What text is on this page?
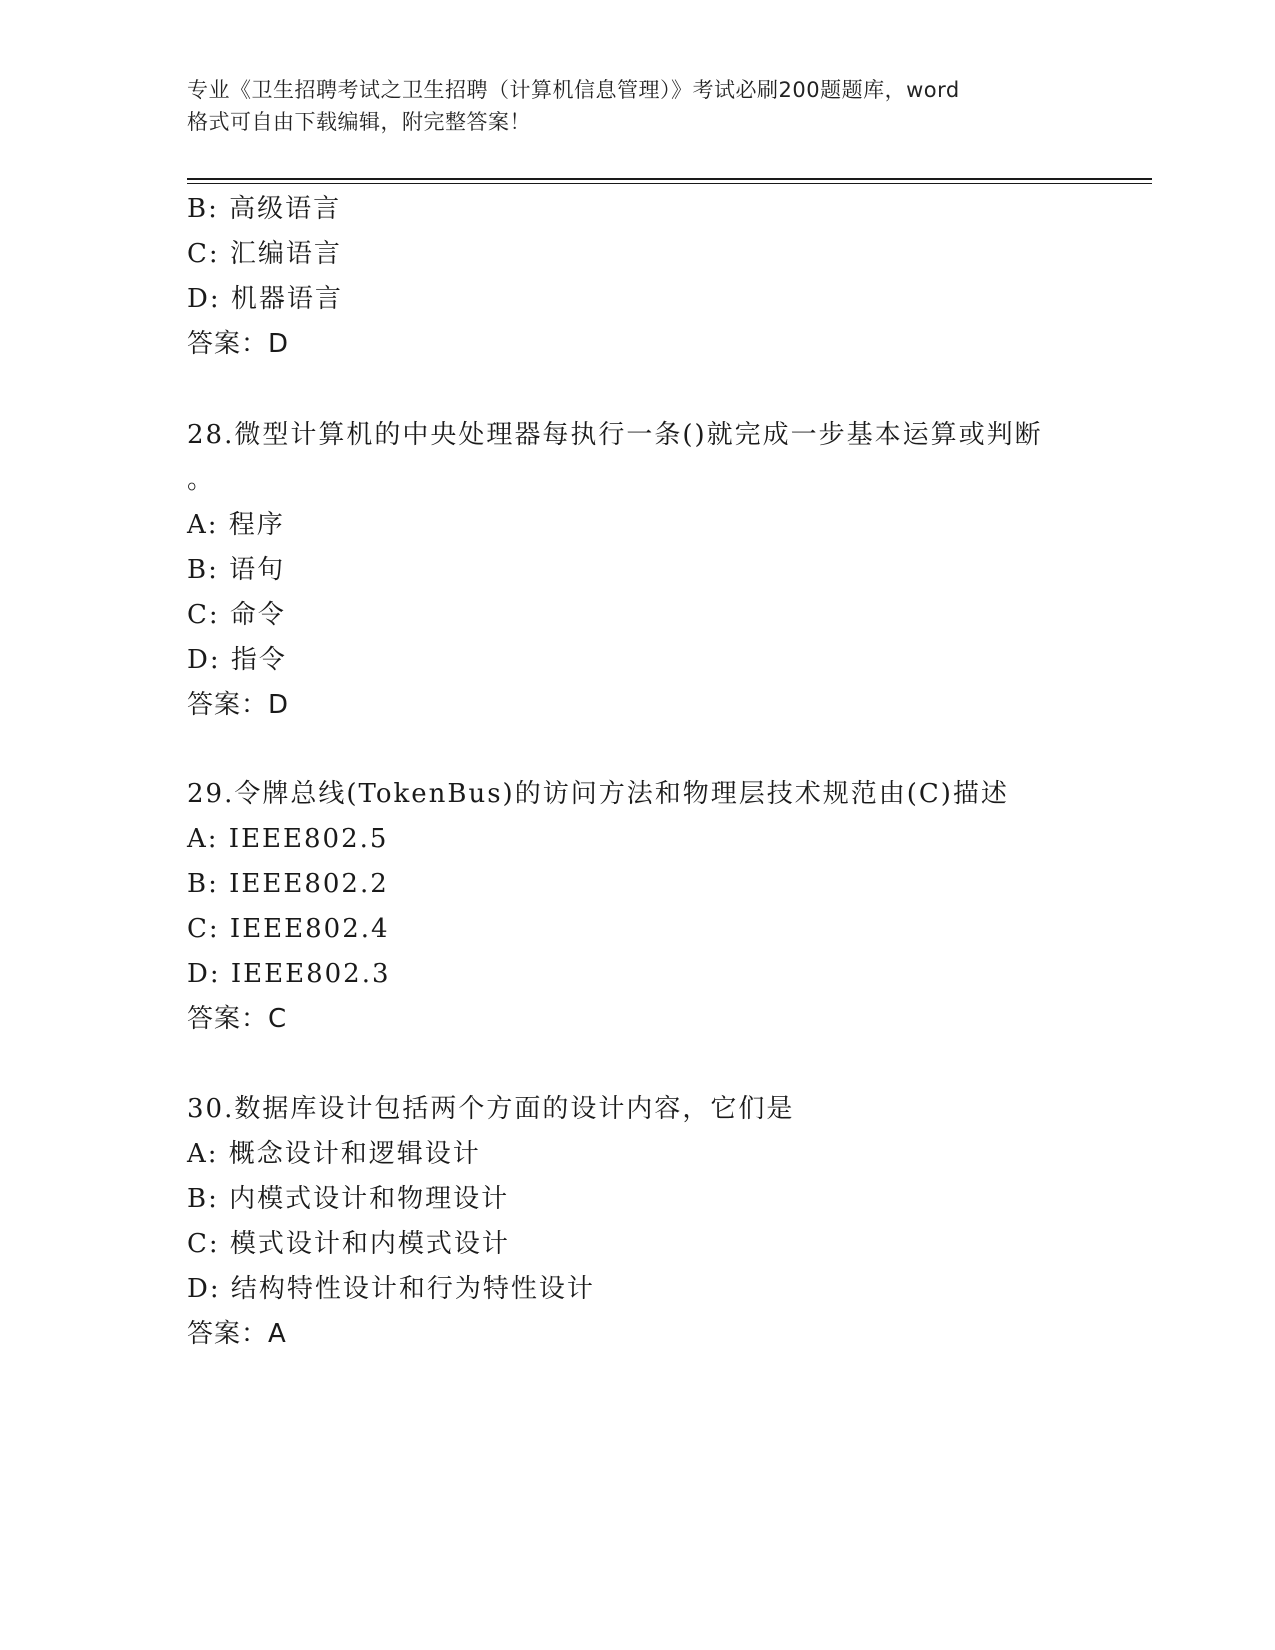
专业《卫生招聘考试之卫生招聘（计算机信息管理）》考试必刷200题题库，word
格式可自由下载编辑，附完整答案！
B: 高级语言
C: 汇编语言
D: 机器语言
答案：D
28.微型计算机的中央处理器每执行一条()就完成一步基本运算或判断
。
A: 程序
B: 语句
C: 命令
D: 指令
答案：D
29.令牌总线(TokenBus)的访问方法和物理层技术规范由(C)描述
A: IEEE802.5
B: IEEE802.2
C: IEEE802.4
D: IEEE802.3
答案：C
30.数据库设计包括两个方面的设计内容，它们是
A: 概念设计和逻辑设计
B: 内模式设计和物理设计
C: 模式设计和内模式设计
D: 结构特性设计和行为特性设计
答案：A
